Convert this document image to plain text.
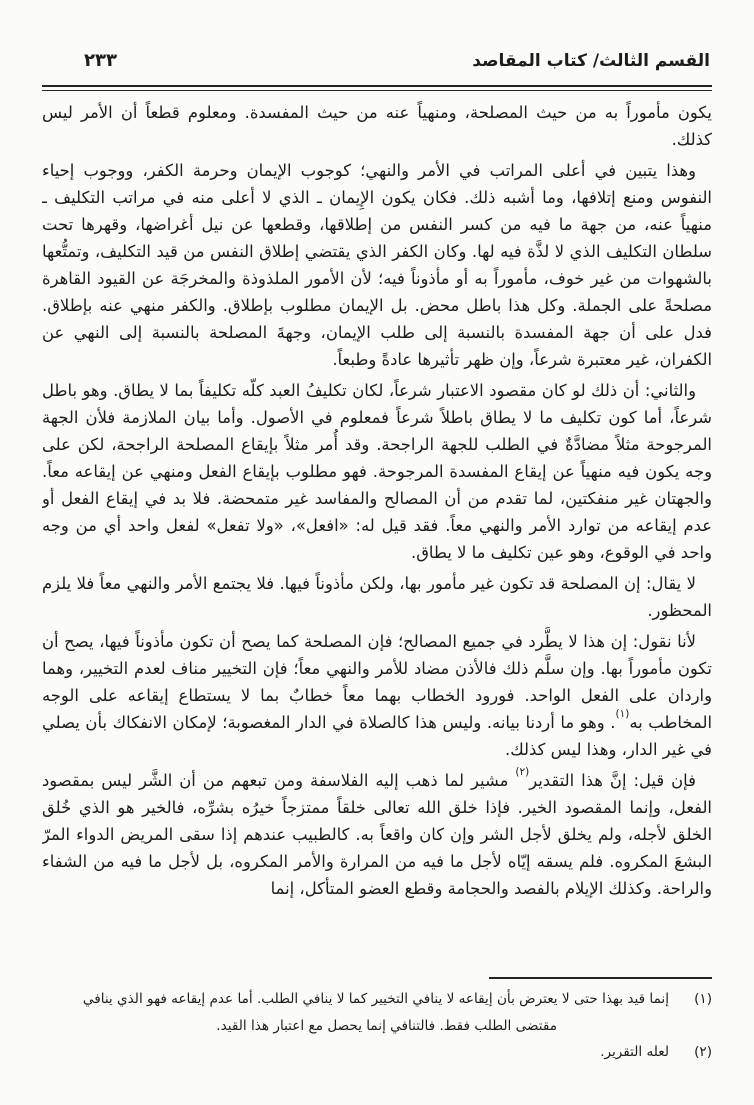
القسم الثالث/ كتاب المقاصد
٢٣٣

يكون مأموراً به من حيث المصلحة، ومنهياً عنه من حيث المفسدة. ومعلوم قطعاً أن الأمر ليس كذلك.

وهذا يتبين في أعلى المراتب في الأمر والنهي؛ كوجوب الإيمان وحرمة الكفر، ووجوب إحياء النفوس ومنع إتلافها، وما أشبه ذلك. فكان يكون الإِيمان ـ الذي لا أعلى منه في مراتب التكليف ـ منهياً عنه، من جهة ما فيه من كسر النفس من إطلاقها، وقطعها عن نيل أغراضها، وقهرها تحت سلطان التكليف الذي لا لذَّة فيه لها. وكان الكفر الذي يقتضي إطلاق النفس من قيد التكليف، وتمتُّعها بالشهوات من غير خوف، مأموراً به أو مأذوناً فيه؛ لأن الأمور الملذوذة والمخرجَة عن القيود القاهرة مصلحةً على الجملة. وكل هذا باطل محض. بل الإيمان مطلوب بإطلاق. والكفر منهي عنه بإطلاق. فدل على أن جهة المفسدة بالنسبة إلى طلب الإيمان، وجهةَ المصلحة بالنسبة إلى النهي عن الكفران، غير معتبرة شرعاً، وإن ظهر تأثيرها عادةً وطبعاً.

والثاني: أن ذلك لو كان مقصود الاعتبار شرعاً، لكان تكليفُ العبد كلّه تكليفاً بما لا يطاق. وهو باطل شرعاً، أما كون تكليف ما لا يطاق باطلاً شرعاً فمعلوم في الأصول. وأما بيان الملازمة فلأن الجهة المرجوحة مثلاً مضادَّةٌ في الطلب للجهة الراجحة. وقد أُمر مثلاً بإيقاع المصلحة الراجحة، لكن على وجه يكون فيه منهياً عن إيقاع المفسدة المرجوحة. فهو مطلوب بإيقاع الفعل ومنهي عن إيقاعه معاً. والجهتان غير منفكتين، لما تقدم من أن المصالح والمفاسد غير متمحضة. فلا بد في إيقاع الفعل أو عدم إيقاعه من توارد الأمر والنهي معاً. فقد قيل له: «افعل»، «ولا تفعل» لفعل واحد أي من وجه واحد في الوقوع، وهو عين تكليف ما لا يطاق.

لا يقال: إن المصلحة قد تكون غير مأمور بها، ولكن مأذوناً فيها. فلا يجتمع الأمر والنهي معاً فلا يلزم المحظور.

لأنا نقول: إن هذا لا يطَّرد في جميع المصالح؛ فإن المصلحة كما يصح أن تكون مأذوناً فيها، يصح أن تكون مأموراً بها. وإن سلَّم ذلك فالأذن مضاد للأمر والنهي معاً؛ فإن التخيير مناف لعدم التخيير، وهما واردان على الفعل الواحد. فورود الخطاب بهما معاً خطابٌ بما لا يستطاع إيقاعه على الوجه المخاطب به$^{(١)}$. وهو ما أردنا بيانه. وليس هذا كالصلاة في الدار المغصوبة؛ لإمكان الانفكاك بأن يصلي في غير الدار، وهذا ليس كذلك.

فإن قيل: إنَّ هذا التقدير$^{(٢)}$ مشير لما ذهب إليه الفلاسفة ومن تبعهم من أن الشَّر ليس بمقصود الفعل، وإنما المقصود الخير. فإذا خلق الله تعالى خلقاً ممتزجاً خيرُه بشرِّه، فالخير هو الذي خُلق الخلق لأجله، ولم يخلق لأجل الشر وإن كان واقعاً به. كالطبيب عندهم إذا سقى المريض الدواء المرّ البشعَ المكروه. فلم يسقه إيّاه لأجل ما فيه من المرارة والأمر المكروه، بل لأجل ما فيه من الشفاء والراحة. وكذلك الإيلام بالفصد والحجامة وقطع العضو المتأكل، إنما

(١)
إنما قيد بهذا حتى لا يعترض بأن إيقاعه لا ينافي التخيير كما لا ينافي الطلب. أما عدم إيقاعه فهو الذي ينافي مقتضى الطلب فقط. فالتنافي إنما يحصل مع اعتبار هذا القيد.
(٢)
لعله التقرير.
